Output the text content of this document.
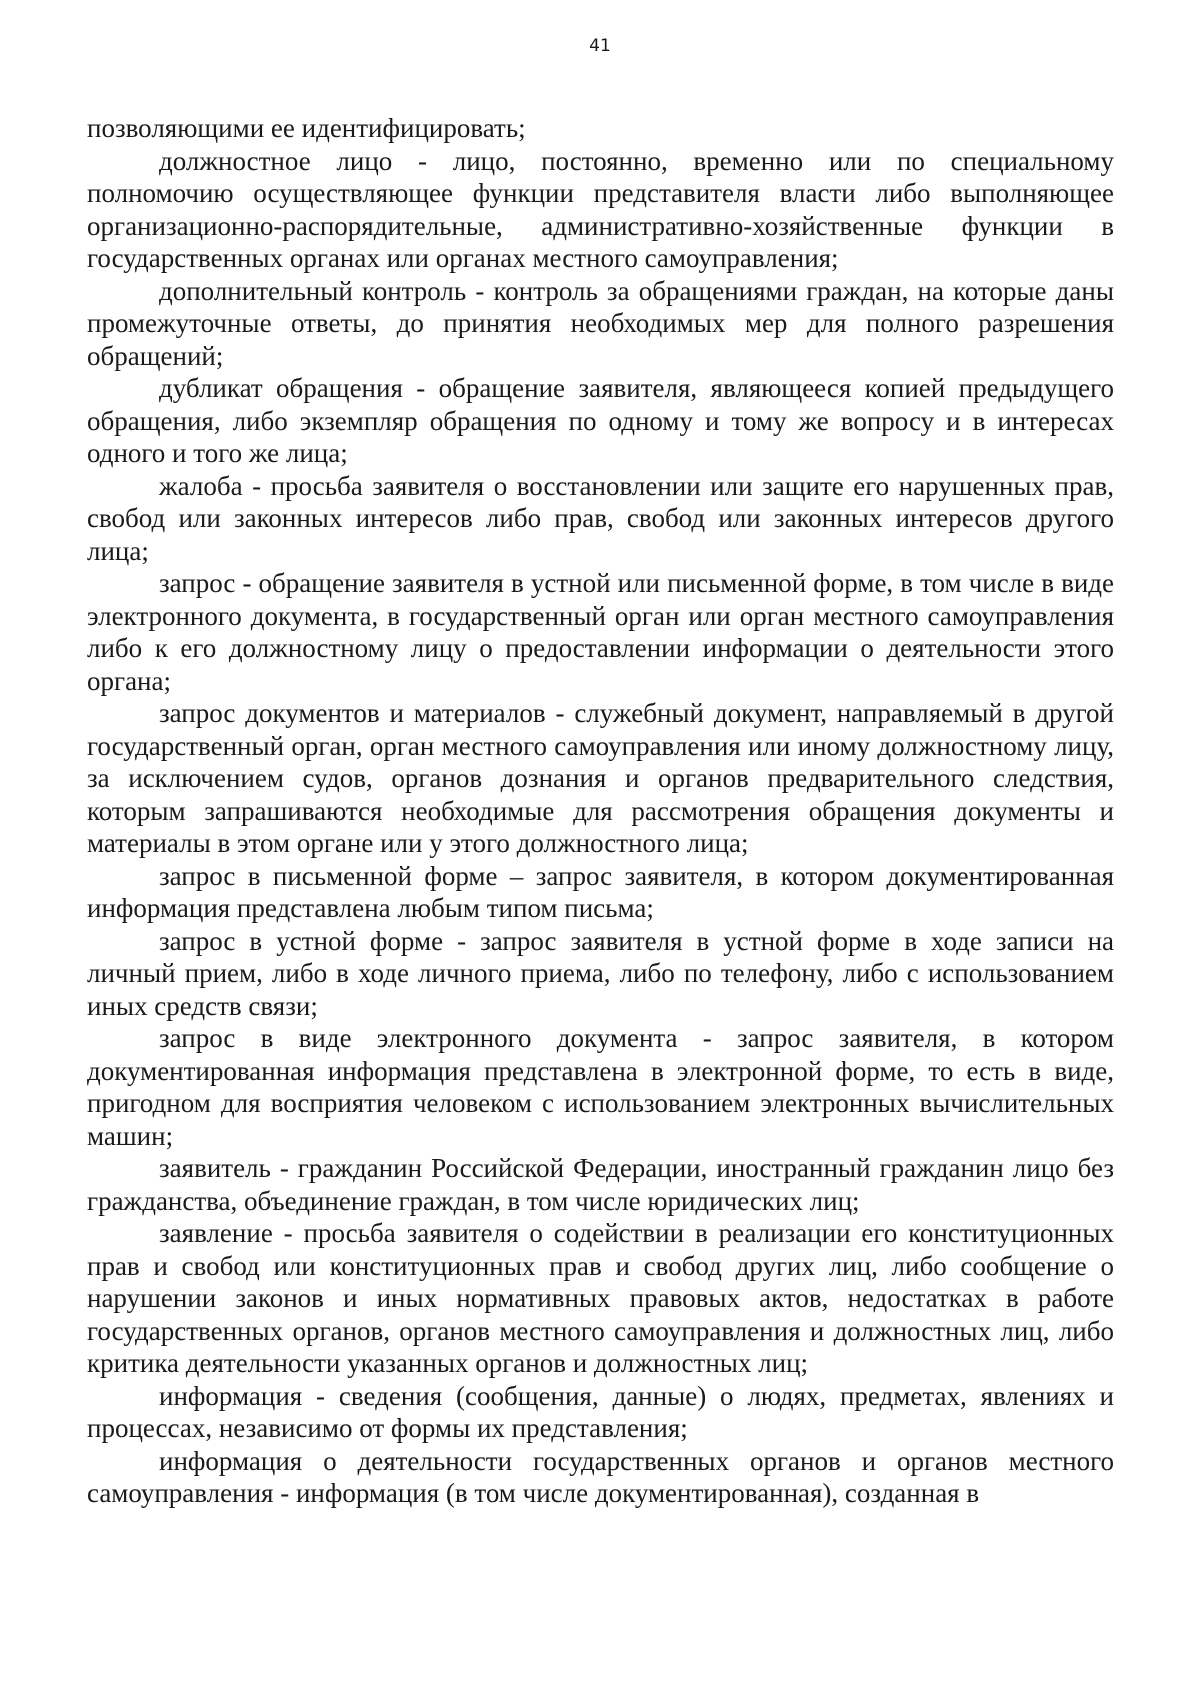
41

позволяющими ее идентифицировать;

должностное лицо - лицо, постоянно, временно или по специальному полномочию осуществляющее функции представителя власти либо выполняющее организационно-распорядительные, административно-хозяйственные функции в государственных органах или органах местного самоуправления;

дополнительный контроль - контроль за обращениями граждан, на которые даны промежуточные ответы, до принятия необходимых мер для полного разрешения обращений;

дубликат обращения - обращение заявителя, являющееся копией предыдущего обращения, либо экземпляр обращения по одному и тому же вопросу и в интересах одного и того же лица;

жалоба - просьба заявителя о восстановлении или защите его нарушенных прав, свобод или законных интересов либо прав, свобод или законных интересов другого лица;

запрос - обращение заявителя в устной или письменной форме, в том числе в виде электронного документа, в государственный орган или орган местного самоуправления либо к его должностному лицу о предоставлении информации о деятельности этого органа;

запрос документов и материалов - служебный документ, направляемый в другой государственный орган, орган местного самоуправления или иному должностному лицу, за исключением судов, органов дознания и органов предварительного следствия, которым запрашиваются необходимые для рассмотрения обращения документы и материалы в этом органе или у этого должностного лица;

запрос в письменной форме – запрос заявителя, в котором документированная информация представлена любым типом письма;

запрос в устной форме - запрос заявителя в устной форме в ходе записи на личный прием, либо в ходе личного приема, либо по телефону, либо с использованием иных средств связи;

запрос в виде электронного документа - запрос заявителя, в котором документированная информация представлена в электронной форме, то есть в виде, пригодном для восприятия человеком с использованием электронных вычислительных машин;

заявитель - гражданин Российской Федерации, иностранный гражданин лицо без гражданства, объединение граждан, в том числе юридических лиц;

заявление - просьба заявителя о содействии в реализации его конституционных прав и свобод или конституционных прав и свобод других лиц, либо сообщение о нарушении законов и иных нормативных правовых актов, недостатках в работе государственных органов, органов местного самоуправления и должностных лиц, либо критика деятельности указанных органов и должностных лиц;

информация - сведения (сообщения, данные) о людях, предметах, явлениях и процессах, независимо от формы их представления;

информация о деятельности государственных органов и органов местного самоуправления - информация (в том числе документированная), созданная в
